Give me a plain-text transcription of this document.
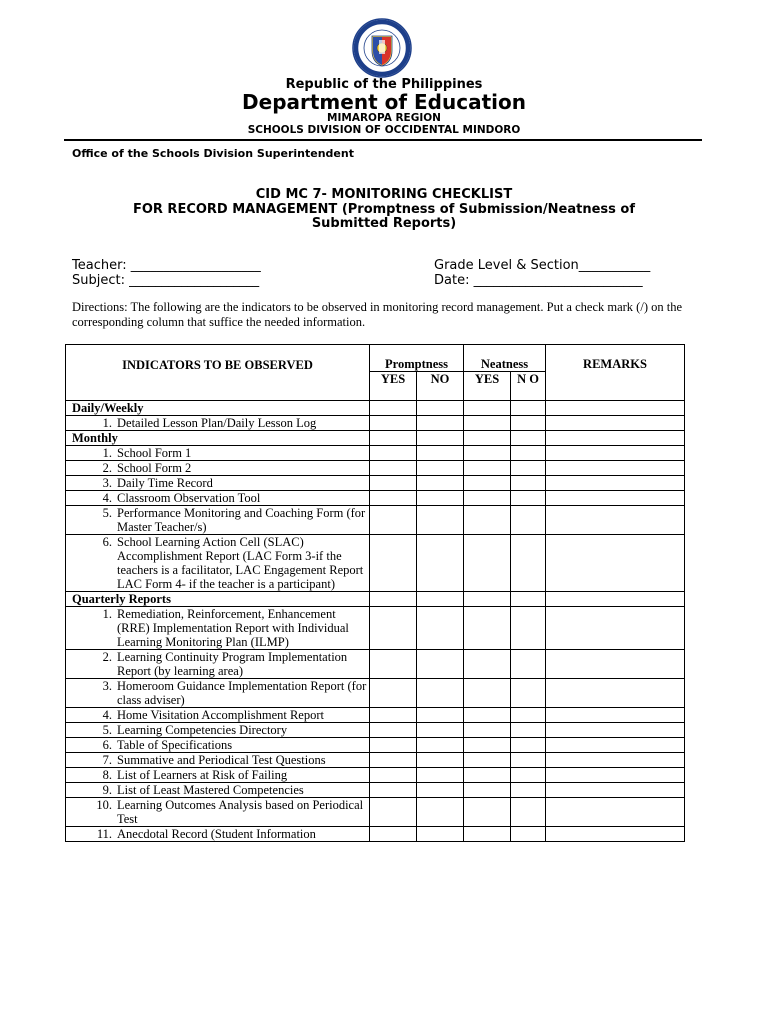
•
Republic of the Philippines
Department of Education
MIMAROPA REGION
SCHOOLS DIVISION OF OCCIDENTAL MINDORO
Office of the Schools Division Superintendent
CID MC 7- MONITORING CHECKLIST
FOR RECORD MANAGEMENT (Promptness of Submission/Neatness of
Submitted Reports)
Teacher: ____________________
Subject: ____________________
Grade Level & Section___________
Date: __________________________
Directions: The following are the indicators to be observed in monitoring record management. Put a check mark (/) on the corresponding column that suffice the needed information.
INDICATORS TO BE OBSERVED	Promptness		Neatness		REMARKS
	YES	NO	YES	N O	
Daily/Weekly					

1. Detailed Lesson Plan/Daily Lesson Log					

Monthly					

1. School Form 1					

2. School Form 2					

3. Daily Time Record					

4. Classroom Observation Tool					

5. Performance Monitoring and Coaching Form (for Master Teacher/s)					

6. School Learning Action Cell (SLAC) Accomplishment Report (LAC Form 3-if the teachers is a facilitator, LAC Engagement Report LAC Form 4- if the teacher is a participant)					

Quarterly Reports					

1. Remediation, Reinforcement, Enhancement (RRE) Implementation Report with Individual Learning Monitoring Plan (ILMP)					

2. Learning Continuity Program Implementation Report (by learning area)					

3. Homeroom Guidance Implementation Report (for class adviser)					

4. Home Visitation Accomplishment Report					

5. Learning Competencies Directory					

6. Table of Specifications					

7. Summative and Periodical Test Questions					

8. List of Learners at Risk of Failing					

9. List of Least Mastered Competencies					

10. Learning Outcomes Analysis based on Periodical Test					

11. Anecdotal Record (Student Information					
